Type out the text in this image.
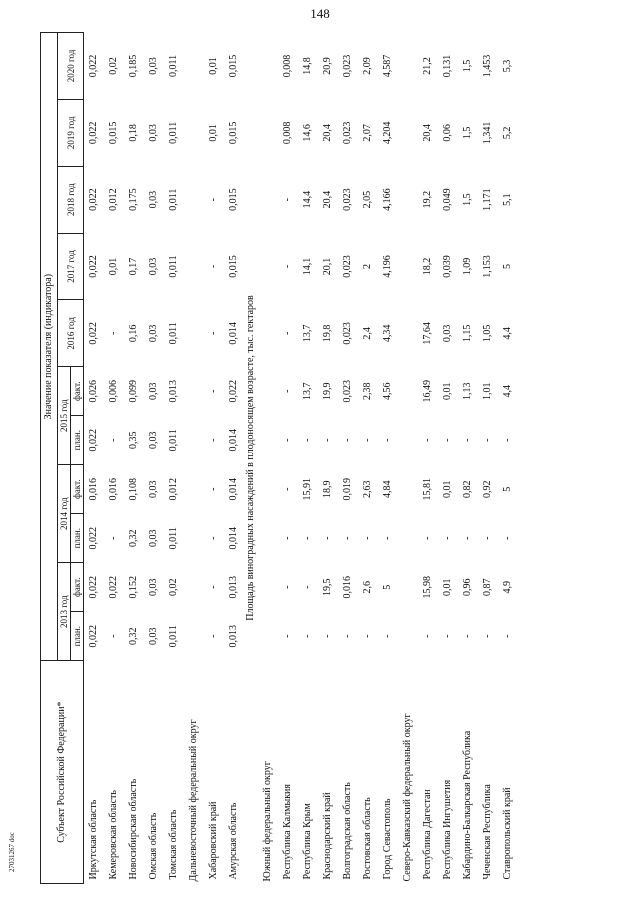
148
27031267 doc
Субъект Российской Федерации*	Значение показателя (индикатора)										
	2013 год		2014 год		2015 год		2016 год	2017 год	2018 год	2019 год	2020 год
	план.	факт.	план.	факт.	план.	факт.					
Иркутская область	0,022	0,022	0,022	0,016	0,022	0,026	0,022	0,022	0,022	0,022	0,022
Кемеровская область	-	0,022	-	0,016	-	0,006	-	0,01	0,012	0,015	0,02
Новосибирская область	0,32	0,152	0,32	0,108	0,35	0,099	0,16	0,17	0,175	0,18	0,185
Омская область	0,03	0,03	0,03	0,03	0,03	0,03	0,03	0,03	0,03	0,03	0,03
Томская область	0,011	0,02	0,011	0,012	0,011	0,013	0,011	0,011	0,011	0,011	0,011
Дальневосточный федеральный округ											
Хабаровский край	-	-	-	-	-	-	-	-	-	0,01	0,01
Амурская область	0,013	0,013	0,014	0,014	0,014	0,022	0,014	0,015	0,015	0,015	0,015
Площадь виноградных насаждений в плодоносящем возрасте, тыс. гектаров											
Южный федеральный округ											
Республика Калмыкия	-	-	-	-	-	-	-	-	-	0,008	0,008
Республика Крым	-	-	-	15,91	-	13,7	13,7	14,1	14,4	14,6	14,8
Краснодарский край	-	19,5	-	18,9	-	19,9	19,8	20,1	20,4	20,4	20,9
Волгоградская область	-	0,016	-	0,019	-	0,023	0,023	0,023	0,023	0,023	0,023
Ростовская область	-	2,6	-	2,63	-	2,38	2,4	2	2,05	2,07	2,09
Город Севастополь	-	5	-	4,84	-	4,56	4,34	4,196	4,166	4,204	4,587
Северо-Кавказский федеральный округ											
Республика Дагестан	-	15,98	-	15,81	-	16,49	17,64	18,2	19,2	20,4	21,2
Республика Ингушетия	-	0,01	-	0,01	-	0,01	0,03	0,039	0,049	0,06	0,131
Кабардино-Балкарская Республика	-	0,96	-	0,82	-	1,13	1,15	1,09	1,5	1,5	1,5
Чеченская Республика	-	0,87	-	0,92	-	1,01	1,05	1,153	1,171	1,341	1,453
Ставропольский край	-	4,9	-	5	-	4,4	4,4	5	5,1	5,2	5,3
